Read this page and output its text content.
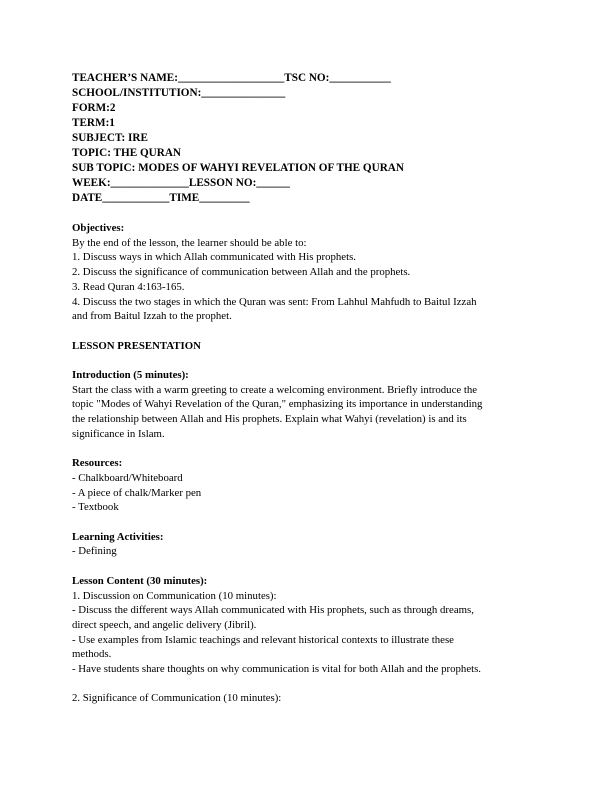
TEACHER’S NAME:___________________TSC NO:___________
SCHOOL/INSTITUTION:_______________
FORM:2
TERM:1
SUBJECT: IRE
TOPIC: THE QURAN
SUB TOPIC: MODES OF WAHYI REVELATION OF THE QURAN
WEEK:______________LESSON NO:______
DATE____________TIME_________
Objectives:
By the end of the lesson, the learner should be able to:
1. Discuss ways in which Allah communicated with His prophets.
2. Discuss the significance of communication between Allah and the prophets.
3. Read Quran 4:163-165.
4. Discuss the two stages in which the Quran was sent: From Lahhul Mahfudh to Baitul Izzah
and from Baitul Izzah to the prophet.
LESSON PRESENTATION
Introduction (5 minutes):
Start the class with a warm greeting to create a welcoming environment. Briefly introduce the
topic "Modes of Wahyi Revelation of the Quran," emphasizing its importance in understanding
the relationship between Allah and His prophets. Explain what Wahyi (revelation) is and its
significance in Islam.
Resources:
- Chalkboard/Whiteboard
- A piece of chalk/Marker pen
- Textbook
Learning Activities:
- Defining
Lesson Content (30 minutes):
1. Discussion on Communication (10 minutes):
- Discuss the different ways Allah communicated with His prophets, such as through dreams,
direct speech, and angelic delivery (Jibril).
- Use examples from Islamic teachings and relevant historical contexts to illustrate these
methods.
- Have students share thoughts on why communication is vital for both Allah and the prophets.
2. Significance of Communication (10 minutes):
